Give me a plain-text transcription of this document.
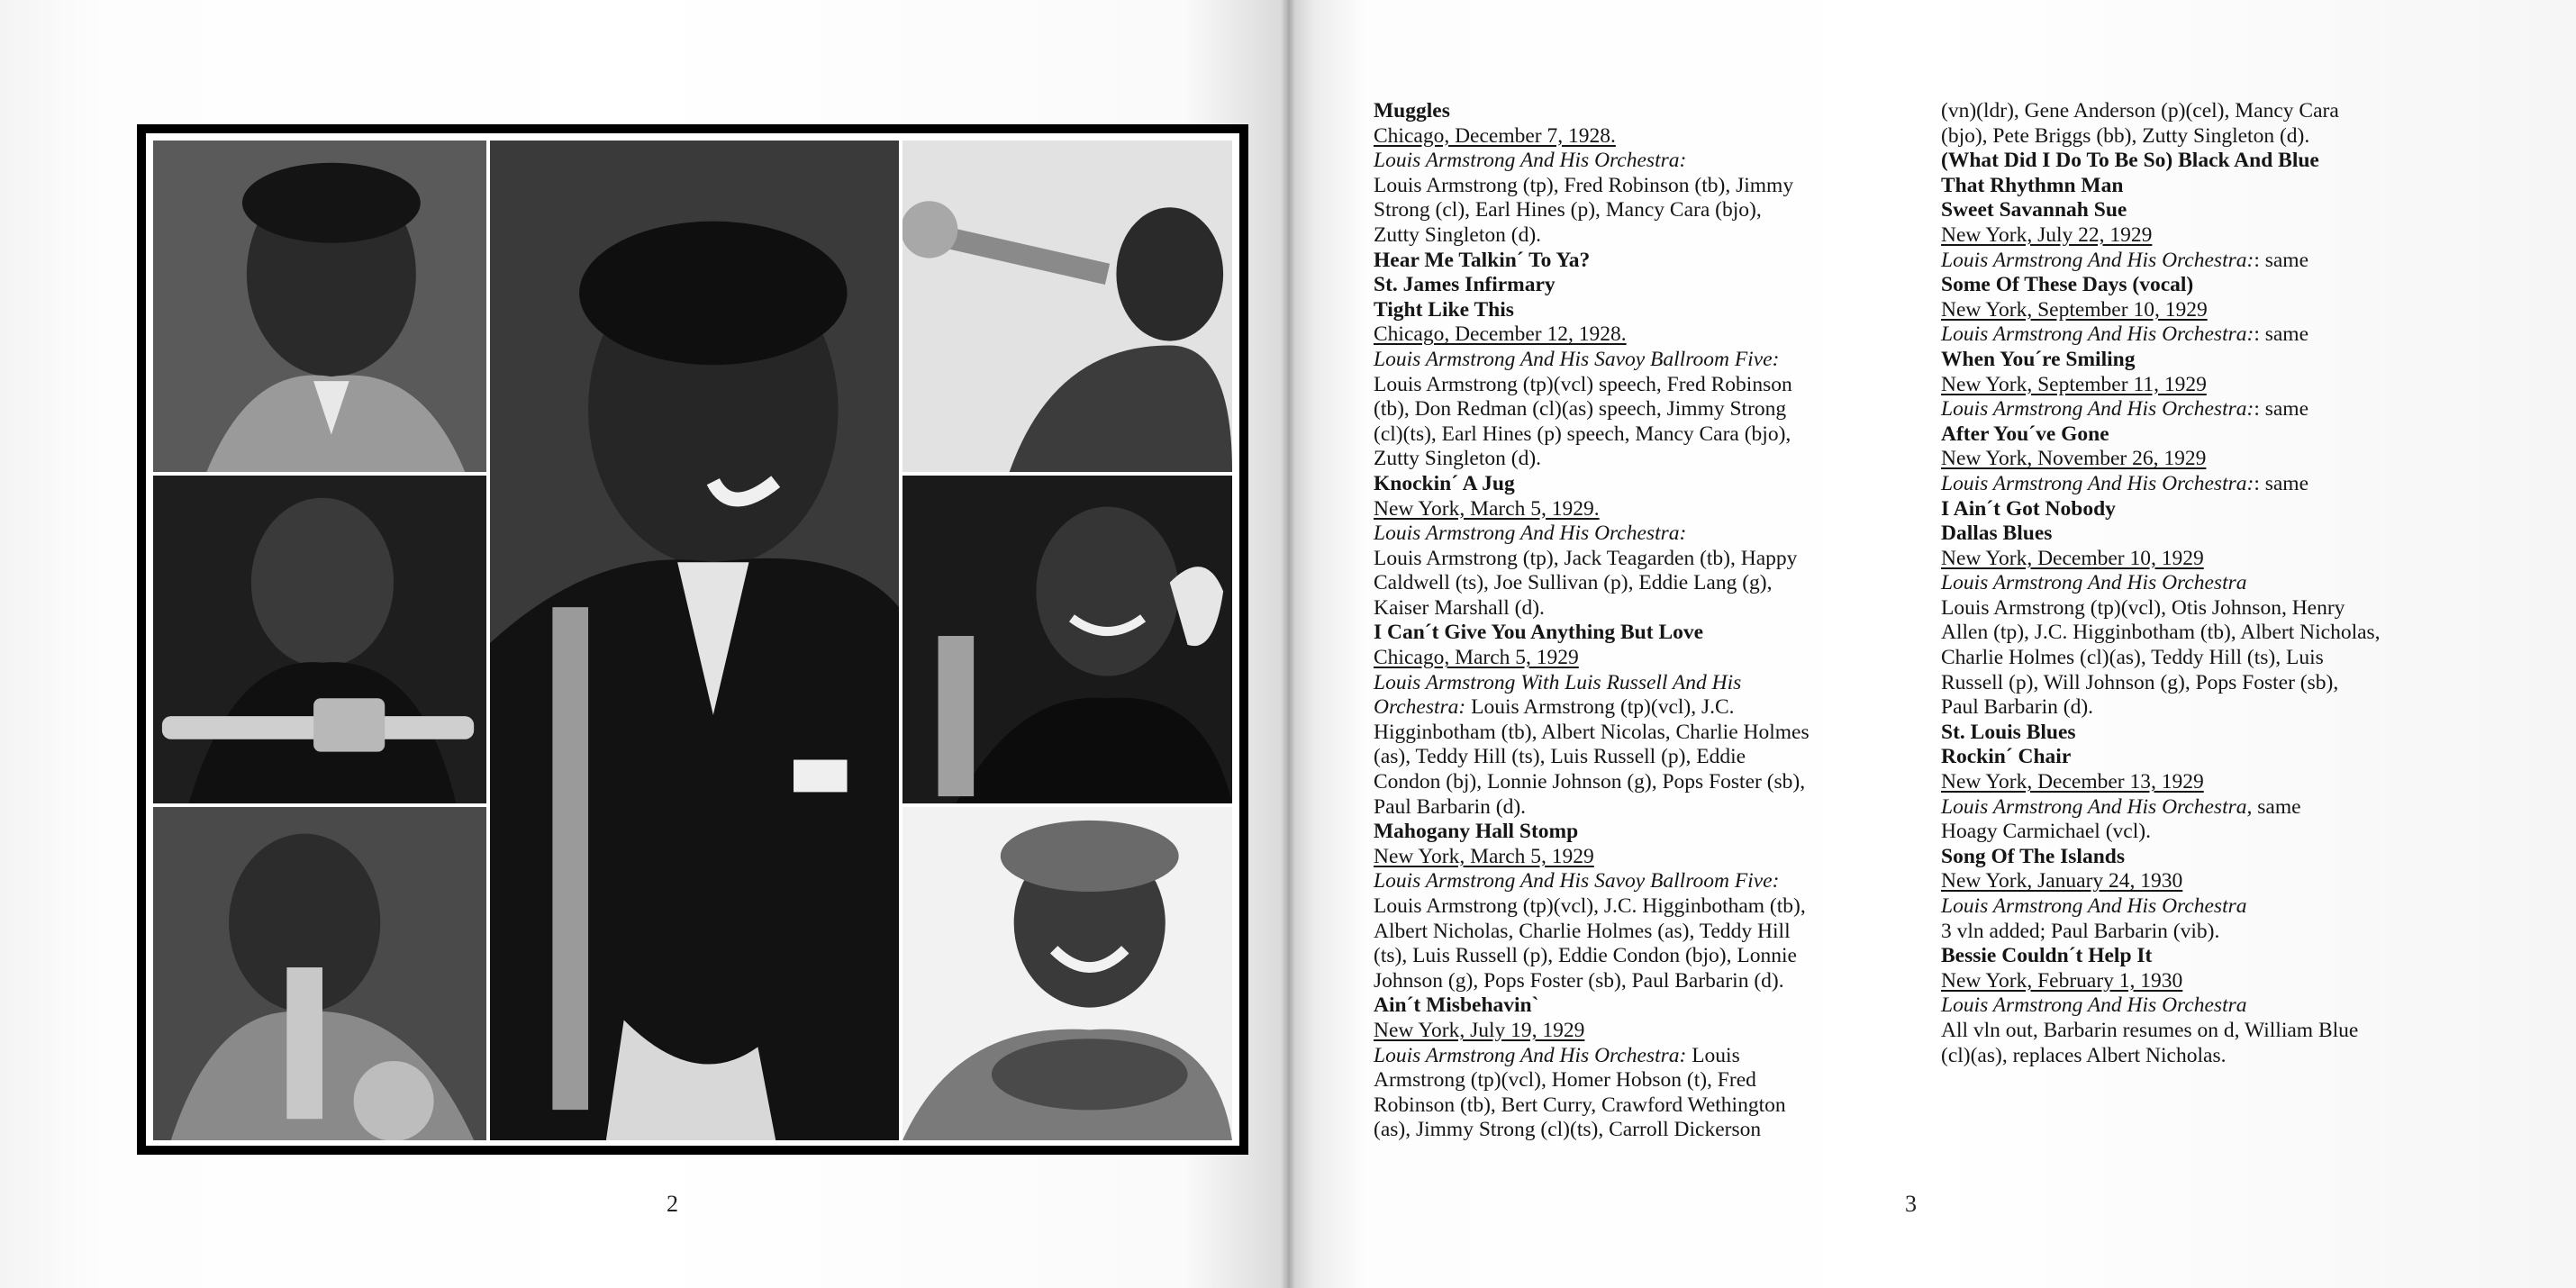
2	3
Muggles
Chicago, December 7, 1928.
Louis Armstrong And His Orchestra:
Louis Armstrong (tp), Fred Robinson (tb), Jimmy
Strong (cl), Earl Hines (p), Mancy Cara (bjo),
Zutty Singleton (d).
Hear Me Talkin´ To Ya?
St. James Infirmary
Tight Like This
Chicago, December 12, 1928.
Louis Armstrong And His Savoy Ballroom Five:
Louis Armstrong (tp)(vcl) speech, Fred Robinson
(tb), Don Redman (cl)(as) speech, Jimmy Strong
(cl)(ts), Earl Hines (p) speech, Mancy Cara (bjo),
Zutty Singleton (d).
Knockin´ A Jug
New York, March 5, 1929.
Louis Armstrong And His Orchestra:
Louis Armstrong (tp), Jack Teagarden (tb), Happy
Caldwell (ts), Joe Sullivan (p), Eddie Lang (g),
Kaiser Marshall (d).
I Can´t Give You Anything But Love
Chicago, March 5, 1929
Louis Armstrong With Luis Russell And His
Orchestra: Louis Armstrong (tp)(vcl), J.C.
Higginbotham (tb), Albert Nicolas, Charlie Holmes
(as), Teddy Hill (ts), Luis Russell (p), Eddie
Condon (bj), Lonnie Johnson (g), Pops Foster (sb),
Paul Barbarin (d).
Mahogany Hall Stomp
New York, March 5, 1929
Louis Armstrong And His Savoy Ballroom Five:
Louis Armstrong (tp)(vcl), J.C. Higginbotham (tb),
Albert Nicholas, Charlie Holmes (as), Teddy Hill
(ts), Luis Russell (p), Eddie Condon (bjo), Lonnie
Johnson (g), Pops Foster (sb), Paul Barbarin (d).
Ain´t Misbehavin`
New York, July 19, 1929
Louis Armstrong And His Orchestra: Louis
Armstrong (tp)(vcl), Homer Hobson (t), Fred
Robinson (tb), Bert Curry, Crawford Wethington
(as), Jimmy Strong (cl)(ts), Carroll Dickerson
(vn)(ldr), Gene Anderson (p)(cel), Mancy Cara
(bjo), Pete Briggs (bb), Zutty Singleton (d).
(What Did I Do To Be So) Black And Blue
That Rhythmn Man
Sweet Savannah Sue
New York, July 22, 1929
Louis Armstrong And His Orchestra:: same
Some Of These Days (vocal)
New York, September 10, 1929
Louis Armstrong And His Orchestra:: same
When You´re Smiling
New York, September 11, 1929
Louis Armstrong And His Orchestra:: same
After You´ve Gone
New York, November 26, 1929
Louis Armstrong And His Orchestra:: same
I Ain´t Got Nobody
Dallas Blues
New York, December 10, 1929
Louis Armstrong And His Orchestra
Louis Armstrong (tp)(vcl), Otis Johnson, Henry
Allen (tp), J.C. Higginbotham (tb), Albert Nicholas,
Charlie Holmes (cl)(as), Teddy Hill (ts), Luis
Russell (p), Will Johnson (g), Pops Foster (sb),
Paul Barbarin (d).
St. Louis Blues
Rockin´ Chair
New York, December 13, 1929
Louis Armstrong And His Orchestra, same
Hoagy Carmichael (vcl).
Song Of The Islands
New York, January 24, 1930
Louis Armstrong And His Orchestra
3 vln added; Paul Barbarin (vib).
Bessie Couldn´t Help It
New York, February 1, 1930
Louis Armstrong And His Orchestra
All vln out, Barbarin resumes on d, William Blue
(cl)(as), replaces Albert Nicholas.
